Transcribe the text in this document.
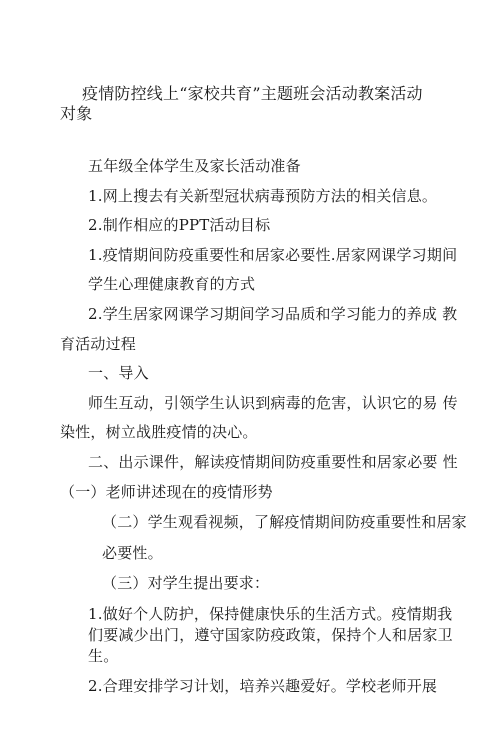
疫情防控线上“家校共育”主题班会活动教案活动
对象
五年级全体学生及家长活动准备
1.网上搜去有关新型冠状病毒预防方法的相关信息。
2.制作相应的PPT活动目标
1.疫情期间防疫重要性和居家必要性.居家网课学习期间
学生心理健康教育的方式
2.学生居家网课学习期间学习品质和学习能力的养成 教
育活动过程
一、导入
师生互动，引领学生认识到病毒的危害，认识它的易 传
染性，树立战胜疫情的决心。
二、出示课件，解读疫情期间防疫重要性和居家必要 性
（一）老师讲述现在的疫情形势
（二）学生观看视频，了解疫情期间防疫重要性和居家
必要性。
（三）对学生提出要求：
1.做好个人防护，保持健康快乐的生活方式。疫情期我
们要减少出门，遵守国家防疫政策，保持个人和居家卫
生。
2.合理安排学习计划，培养兴趣爱好。学校老师开展
